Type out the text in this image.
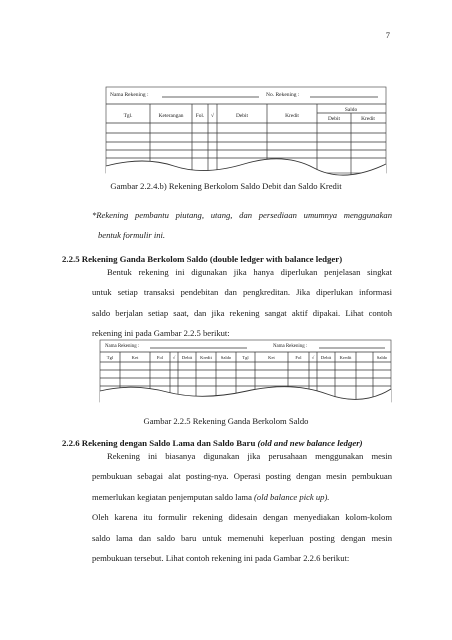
7
Nama Rekening :	No. Rekening :
Tgl.	Keterangan Fol. √	Debit	Kredit
Saldo
Debit	Kredit
Gambar 2.2.4.b) Rekening Berkolom Saldo Debit dan Saldo Kredit
*Rekening pembantu piutang, utang, dan persediaan umumnya menggunakan
bentuk formulir ini.
2.2.5 Rekening Ganda Berkolom Saldo (double ledger with balance ledger)
Bentuk rekening ini digunakan jika hanya diperlukan penjelasan singkat
untuk setiap transaksi pendebitan dan pengkreditan. Jika diperlukan informasi
saldo berjalan setiap saat, dan jika rekening sangat aktif dipakai. Lihat contoh
rekening ini pada Gambar 2.2.5 berikut:
Nama Rekening :	Nama Rekening :
Tgl	Ket	Fol √ Debit Kredit Saldo Tgl	Ket	Fol √ Debit Kredit	Saldo
Gambar 2.2.5 Rekening Ganda Berkolom Saldo
2.2.6 Rekening dengan Saldo Lama dan Saldo Baru (old and new balance ledger)
Rekening ini biasanya digunakan jika perusahaan menggunakan mesin
pembukuan sebagai alat posting-nya. Operasi posting dengan mesin pembukuan
memerlukan kegiatan penjemputan saldo lama (old balance pick up).
Oleh karena itu formulir rekening didesain dengan menyediakan kolom-kolom
saldo lama dan saldo baru untuk memenuhi keperluan posting dengan mesin
pembukuan tersebut. Lihat contoh rekening ini pada Gambar 2.2.6 berikut:
